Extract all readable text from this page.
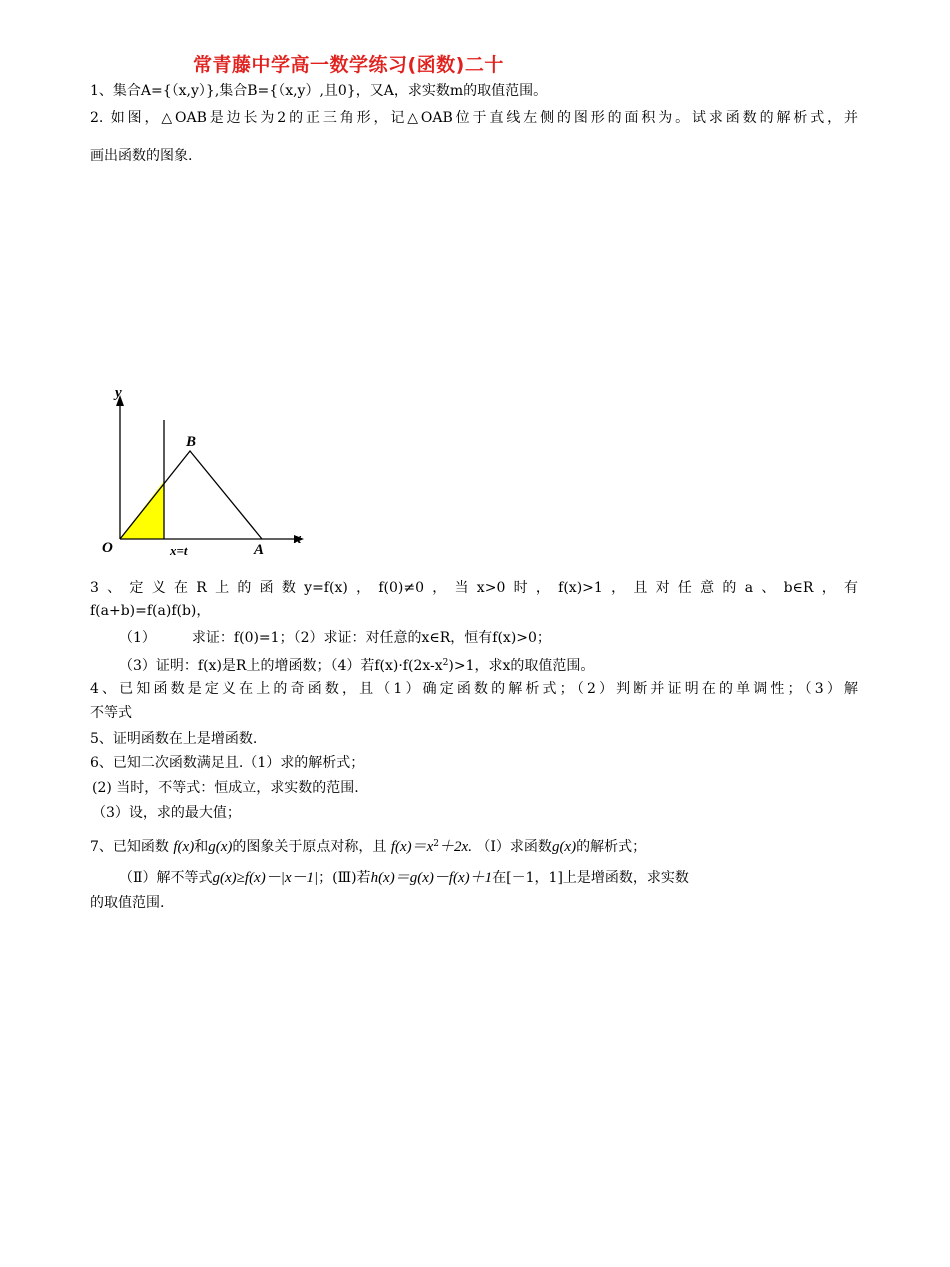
常青藤中学高一数学练习(函数)二十
1、集合A={（x,y）},集合B={（x,y）,且0}，又A，求实数m的取值范围。
2. 如图，△OAB是边长为2的正三角形，记△OAB位于直线左侧的图形的面积为。试求函数的解析式，并
画出函数的图象.
y
x
O
B
A
x=t
3、定义在R上的函数y=f(x)，f(0)≠0，当x>0时，f(x)>1，且对任意的a、b∈R，有
f(a+b)=f(a)f(b)，
（1）	求证：f(0)=1；（2）求证：对任意的x∈R，恒有f(x)>0；
（3）证明：f(x)是R上的增函数；（4）若$f(x)\cdot f(2x-x^2)>1$，求x的取值范围。
4、已知函数是定义在上的奇函数，且（1）确定函数的解析式；（2）判断并证明在的单调性；（3）解
不等式
5、证明函数在上是增函数.
6、已知二次函数满足且.（1）求的解析式；
(2) 当时，不等式：恒成立，求实数的范围.
（3）设，求的最大值；
7、已知函数 f(x)和g(x)的图象关于原点对称，且 $f(x)=x^2+2x$. （Ⅰ）求函数g(x)的解析式；
（Ⅱ）解不等式g(x)≥f(x)－|x－1|；(Ⅲ)若h(x)＝g(x)－f(x)＋1在[－1，1]上是增函数，求实数
的取值范围.
